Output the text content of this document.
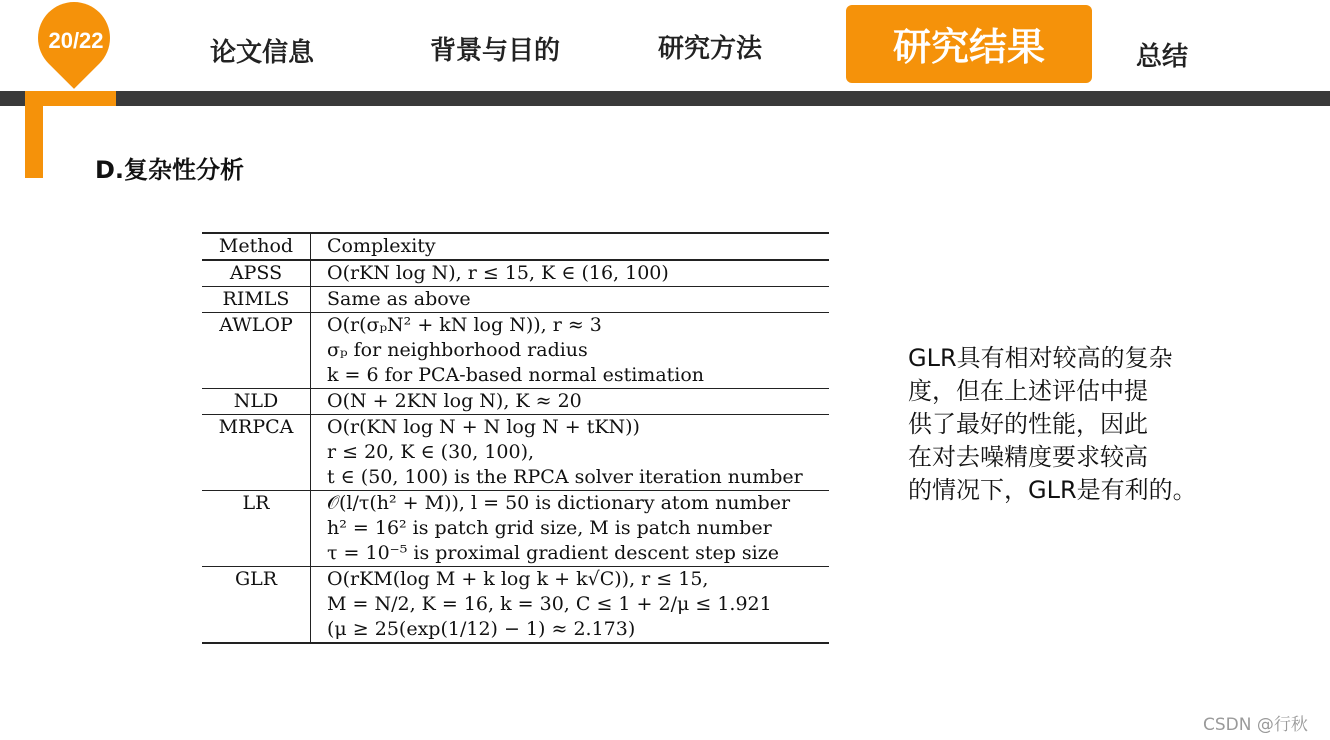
20/22	论文信息	背景与目的	研究方法	研究结果	总结
D.复杂性分析
Method	Complexity
APSS	O(rKN log N), r ≤ 15, K ∈ (16, 100)

RIMLS	Same as above

AWLOP	O(r(σₚN² + kN log N)), r ≈ 3
σₚ for neighborhood radius
k = 6 for PCA-based normal estimation

NLD	O(N + 2KN log N), K ≈ 20

MRPCA	O(r(KN log N + N log N + tKN))
r ≤ 20, K ∈ (30, 100),
t ∈ (50, 100) is the RPCA solver iteration number

LR	𝒪(l/τ(h² + M)), l = 50 is dictionary atom number
h² = 16² is patch grid size, M is patch number
τ = 10⁻⁵ is proximal gradient descent step size

GLR	O(rKM(log M + k log k + k√C)), r ≤ 15,
M = N/2, K = 16, k = 30, C ≤ 1 + 2/μ ≤ 1.921
(μ ≥ 25(exp(1/12) − 1) ≈ 2.173)
GLR具有相对较高的复杂
度，但在上述评估中提
供了最好的性能，因此
在对去噪精度要求较高
的情况下，GLR是有利的。
CSDN @行秋
